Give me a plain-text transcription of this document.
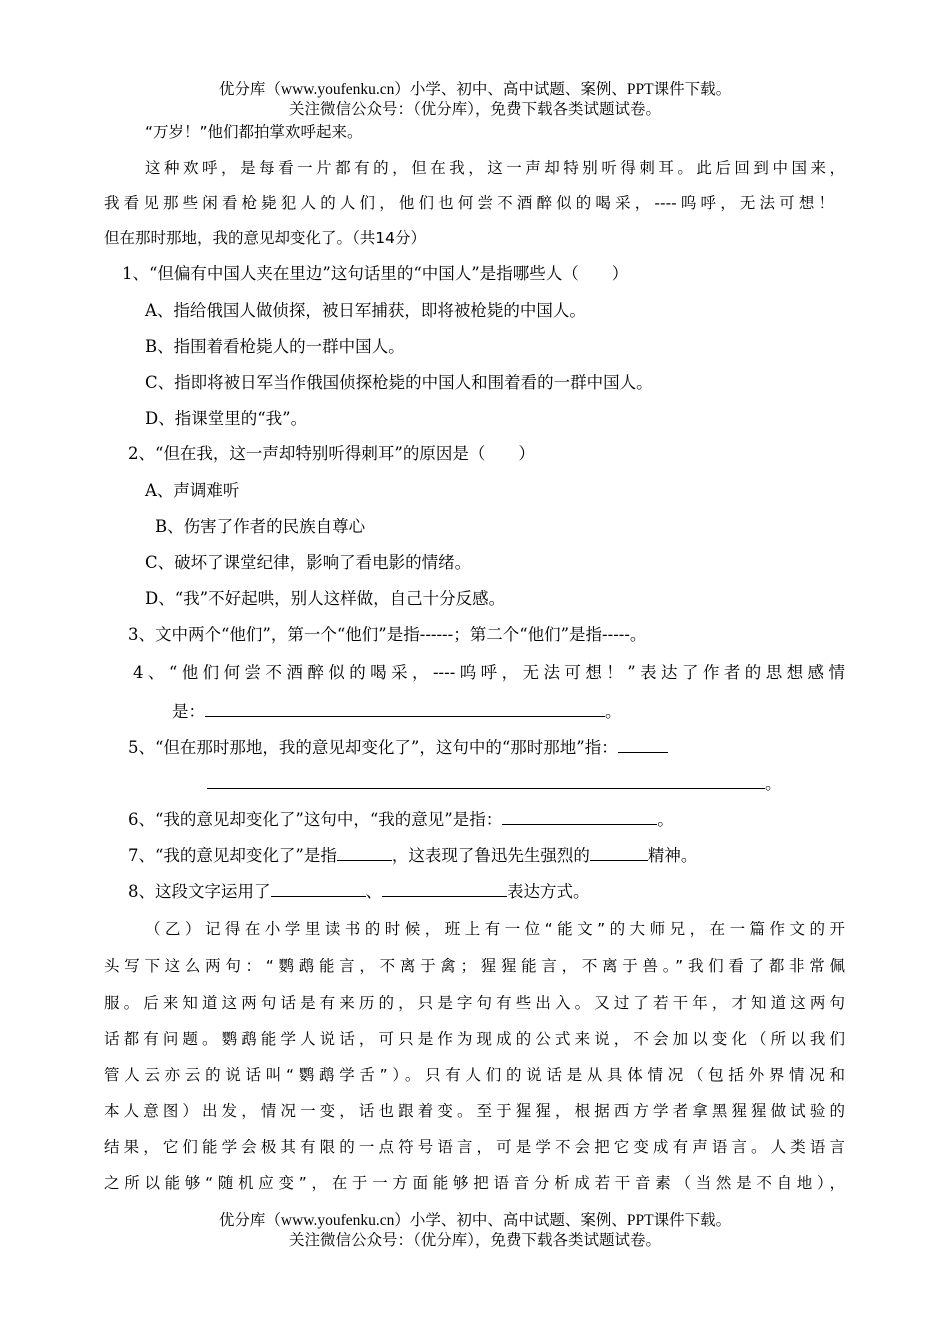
优分库（www.youfenku.cn）小学、初中、高中试题、案例、PPT课件下载。
关注微信公众号：（优分库），免费下载各类试题试卷。
“万岁！”他们都拍掌欢呼起来。
这种欢呼，是每看一片都有的，但在我，这一声却特别听得刺耳。此后回到中国来，
我看见那些闲看枪毙犯人的人们，他们也何尝不酒醉似的喝采，----呜呼，无法可想！
但在那时那地，我的意见却变化了。（共14分）
1、“但偏有中国人夹在里边”这句话里的“中国人”是指哪些人（　　）
A、指给俄国人做侦探，被日军捕获，即将被枪毙的中国人。
B、指围着看枪毙人的一群中国人。
C、指即将被日军当作俄国侦探枪毙的中国人和围着看的一群中国人。
D、指课堂里的“我”。
2、“但在我，这一声却特别听得刺耳”的原因是（　　）
A、声调难听
B、伤害了作者的民族自尊心
C、破坏了课堂纪律，影响了看电影的情绪。
D、“我”不好起哄，别人这样做，自己十分反感。
3、文中两个“他们”，第一个“他们”是指------；第二个“他们”是指-----。
4、“他们何尝不酒醉似的喝采，----呜呼，无法可想！”表达了作者的思想感情
是：	。
5、“但在那时那地，我的意见却变化了”，这句中的“那时那地”指：
。
6、“我的意见却变化了”这句中，“我的意见”是指：	。
7、“我的意见却变化了”是指	，这表现了鲁迅先生强烈的	精神。
8、这段文字运用了	、	表达方式。
（乙）记得在小学里读书的时候，班上有一位“能文”的大师兄，在一篇作文的开
头写下这么两句：“鹦鹉能言，不离于禽；猩猩能言，不离于兽。”我们看了都非常佩
服。后来知道这两句话是有来历的，只是字句有些出入。又过了若干年，才知道这两句
话都有问题。鹦鹉能学人说话，可只是作为现成的公式来说，不会加以变化（所以我们
管人云亦云的说话叫“鹦鹉学舌”）。只有人们的说话是从具体情况（包括外界情况和
本人意图）出发，情况一变，话也跟着变。至于猩猩，根据西方学者拿黑猩猩做试验的
结果，它们能学会极其有限的一点符号语言，可是学不会把它变成有声语言。人类语言
之所以能够“随机应变”，在于一方面能够把语音分析成若干音素（当然是不自地），
优分库（www.youfenku.cn）小学、初中、高中试题、案例、PPT课件下载。
关注微信公众号：（优分库），免费下载各类试题试卷。
